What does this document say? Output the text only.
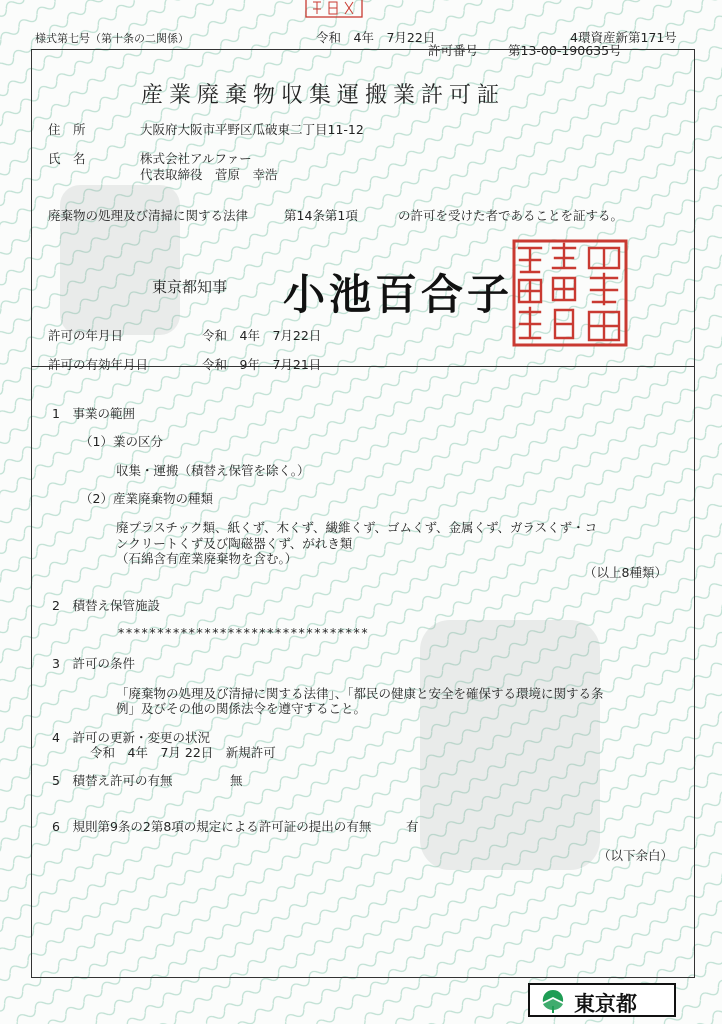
様式第七号（第十条の二関係）	令和　4年　7月22日	4環資産新第171号
許可番号 第13-00-190635号
産業廃棄物収集運搬業許可証
住　所	大阪府大阪市平野区瓜破東二丁目11-12
氏　名	株式会社アルファー
代表取締役　菅原　幸浩
廃棄物の処理及び清掃に関する法律	第14条第1項	の許可を受けた者であることを証する。
東京都知事 小池百合子
許可の年月日	令和　4年　7月22日
許可の有効年月日	令和　9年　7月21日
1　事業の範囲
（1）業の区分
収集・運搬（積替え保管を除く。）
（2）産業廃棄物の種類
廃プラスチック類、紙くず、木くず、繊維くず、ゴムくず、金属くず、ガラスくず・コ
ンクリートくず及び陶磁器くず、がれき類
（石綿含有産業廃棄物を含む。）
（以上8種類）
2　積替え保管施設
********************************
3　許可の条件
「廃棄物の処理及び清掃に関する法律」、「都民の健康と安全を確保する環境に関する条
例」及びその他の関係法令を遵守すること。
4　許可の更新・変更の状況
令和　4年　7月 22日　新規許可
5　積替え許可の有無	無
6　規則第9条の2第8項の規定による許可証の提出の有無	有
（以下余白）
東京都
